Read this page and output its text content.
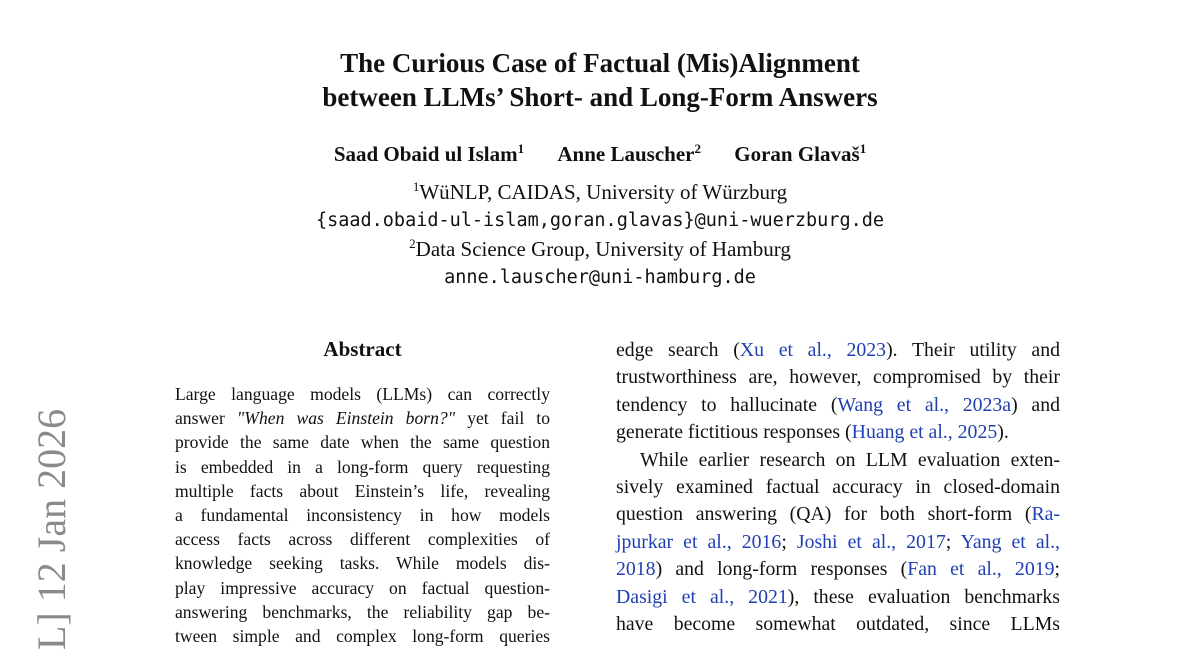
The Curious Case of Factual (Mis)Alignment
between LLMs’ Short- and Long-Form Answers
Saad Obaid ul Islam$^1$ Anne Lauscher$^2$ Goran Glavaš$^1$
$^1$WüNLP, CAIDAS, University of Würzburg
{saad.obaid-ul-islam,goran.glavas}@uni-wuerzburg.de
$^2$Data Science Group, University of Hamburg
anne.lauscher@uni-hamburg.de
Abstract
Large language models (LLMs) can correctly
answer "When was Einstein born?" yet fail to
provide the same date when the same question
is embedded in a long-form query requesting
multiple facts about Einstein’s life, revealing
a fundamental inconsistency in how models
access facts across different complexities of
knowledge seeking tasks. While models dis-
play impressive accuracy on factual question-
answering benchmarks, the reliability gap be-
tween simple and complex long-form queries
edge search (Xu et al., 2023). Their utility and
trustworthiness are, however, compromised by their
tendency to hallucinate (Wang et al., 2023a) and
generate fictitious responses (Huang et al., 2025).
While earlier research on LLM evaluation exten-
sively examined factual accuracy in closed-domain
question answering (QA) for both short-form (Ra-
jpurkar et al., 2016; Joshi et al., 2017; Yang et al.,
2018) and long-form responses (Fan et al., 2019;
Dasigi et al., 2021), these evaluation benchmarks
have become somewhat outdated, since LLMs
L] 12 Jan 2026
